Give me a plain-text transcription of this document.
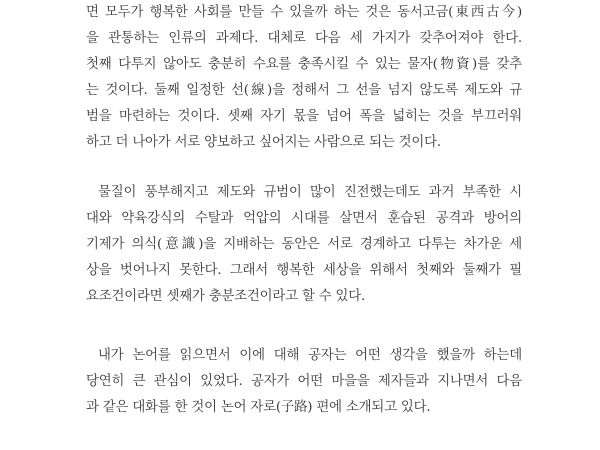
면 모두가 행복한 사회를 만들 수 있을까 하는 것은 동서고금(東西古今)
을 관통하는 인류의 과제다. 대체로 다음 세 가지가 갖추어져야 한다.
첫째 다투지 않아도 충분히 수요를 충족시킬 수 있는 물자(物資)를 갖추
는 것이다. 둘째 일정한 선(線)을 정해서 그 선을 넘지 않도록 제도와 규
범을 마련하는 것이다. 셋째 자기 몫을 넘어 폭을 넓히는 것을 부끄러워
하고 더 나아가 서로 양보하고 싶어지는 사람으로 되는 것이다.
물질이 풍부해지고 제도와 규범이 많이 진전했는데도 과거 부족한 시
대와 약육강식의 수탈과 억압의 시대를 살면서 훈습된 공격과 방어의
기제가 의식(意識)을 지배하는 동안은 서로 경계하고 다투는 차가운 세
상을 벗어나지 못한다. 그래서 행복한 세상을 위해서 첫째와 둘째가 필
요조건이라면 셋째가 충분조건이라고 할 수 있다.
내가 논어를 읽으면서 이에 대해 공자는 어떤 생각을 했을까 하는데
당연히 큰 관심이 있었다. 공자가 어떤 마을을 제자들과 지나면서 다음
과 같은 대화를 한 것이 논어 자로(子路) 편에 소개되고 있다.
